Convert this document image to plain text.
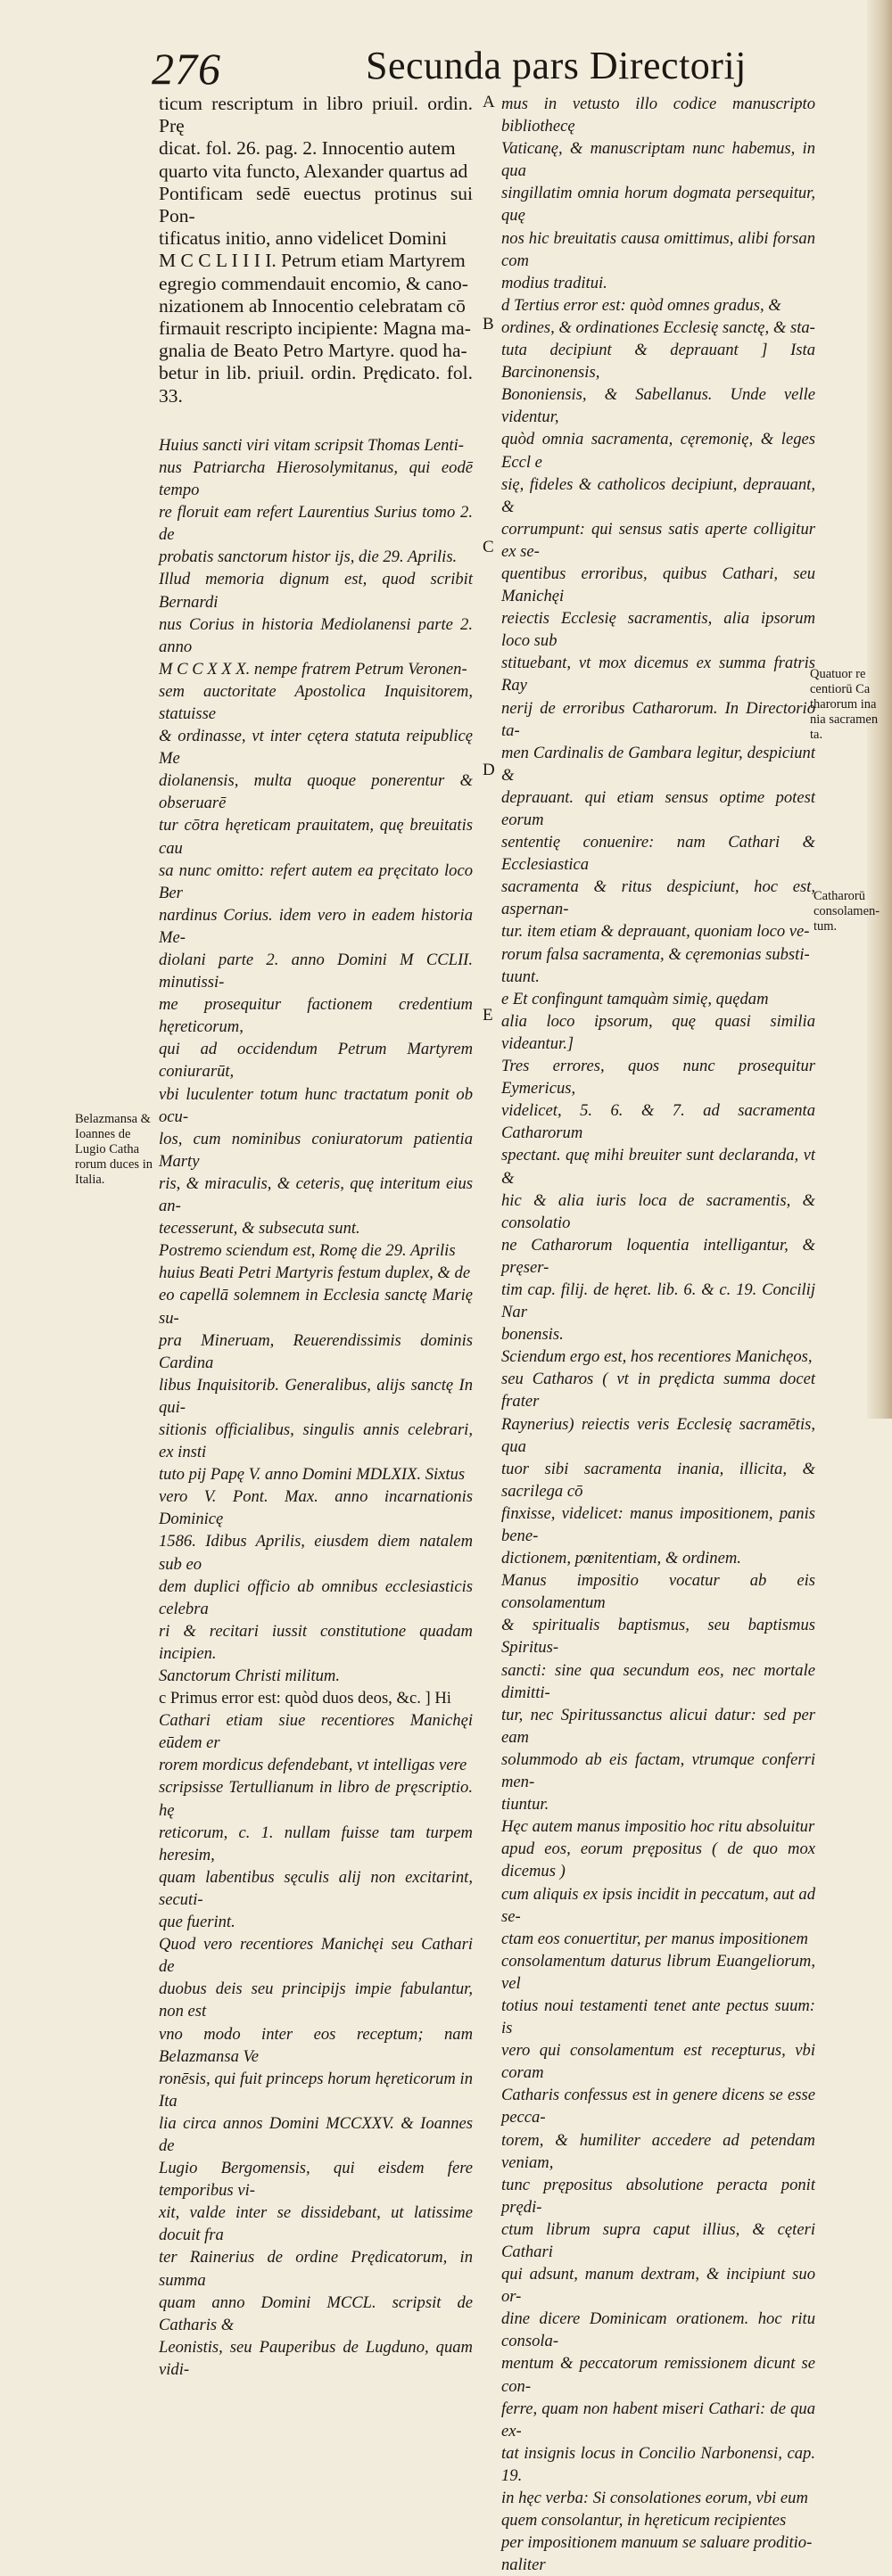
276	Secunda pars Directorij

ticum rescriptum in libro priuil. ordin. Prę

dicat. fol. 26. pag. 2. Innocentio autem

quarto vita functo, Alexander quartus ad

Pontificam sedē euectus protinus sui Pon-

tificatus initio, anno videlicet Domini

M C C L I I I I. Petrum etiam Martyrem

egregio commendauit encomio, & cano-

nizationem ab Innocentio celebratam cō

firmauit rescripto incipiente: Magna ma-

gnalia de Beato Petro Martyre. quod ha-

betur in lib. priuil. ordin. Prędicato. fol. 33.

Huius sancti viri vitam scripsit Thomas Lenti-

nus Patriarcha Hierosolymitanus, qui eodē tempo

re floruit eam refert Laurentius Surius tomo 2. de

probatis sanctorum histor ijs, die 29. Aprilis.

Illud memoria dignum est, quod scribit Bernardi

nus Corius in historia Mediolanensi parte 2. anno

M C C X X X. nempe fratrem Petrum Veronen-

sem auctoritate Apostolica Inquisitorem, statuisse

& ordinasse, vt inter cętera statuta reipublicę Me

diolanensis, multa quoque ponerentur & obseruarē

tur cōtra hęreticam prauitatem, quę breuitatis cau

sa nunc omitto: refert autem ea pręcitato loco Ber

nardinus Corius. idem vero in eadem historia Me-

diolani parte 2. anno Domini M CCLII. minutissi-

me prosequitur factionem credentium hęreticorum,

qui ad occidendum Petrum Martyrem coniurarūt,

vbi luculenter totum hunc tractatum ponit ob ocu-

los, cum nominibus coniuratorum patientia Marty

ris, & miraculis, & ceteris, quę interitum eius an-

tecesserunt, & subsecuta sunt.

Postremo sciendum est, Romę die 29. Aprilis

huius Beati Petri Martyris festum duplex, & de

eo capellā solemnem in Ecclesia sanctę Marię su-

pra Mineruam, Reuerendissimis dominis Cardina

libus Inquisitorib. Generalibus, alijs sanctę In qui-

sitionis officialibus, singulis annis celebrari, ex insti

tuto pij Papę V. anno Domini MDLXIX. Sixtus

vero V. Pont. Max. anno incarnationis Dominicę

1586. Idibus Aprilis, eiusdem diem natalem sub eo

dem duplici officio ab omnibus ecclesiasticis celebra

ri & recitari iussit constitutione quadam incipien.

Sanctorum Christi militum.

c Primus error est: quòd duos deos, &c. ] Hi

Cathari etiam siue recentiores Manichęi eūdem er

rorem mordicus defendebant, vt intelligas vere

scripsisse Tertullianum in libro de pręscriptio. hę

reticorum, c. 1. nullam fuisse tam turpem heresim,

quam labentibus sęculis alij non excitarint, secuti-

que fuerint.

Quod vero recentiores Manichęi seu Cathari de

duobus deis seu principijs impie fabulantur, non est

vno modo inter eos receptum; nam Belazmansa Ve

ronēsis, qui fuit princeps horum hęreticorum in Ita

lia circa annos Domini MCCXXV. & Ioannes de

Lugio Bergomensis, qui eisdem fere temporibus vi-

xit, valde inter se dissidebant, ut latissime docuit fra

ter Rainerius de ordine Prędicatorum, in summa

quam anno Domini MCCL. scripsit de Catharis &

Leonistis, seu Pauperibus de Lugduno, quam vidi-

mus in vetusto illo codice manuscripto bibliothecę

Vaticanę, & manuscriptam nunc habemus, in qua

singillatim omnia horum dogmata persequitur, quę

nos hic breuitatis causa omittimus, alibi forsan com

modius traditui.

d Tertius error est: quòd omnes gradus, &

ordines, & ordinationes Ecclesię sanctę, & sta-

tuta decipiunt & deprauant ] Ista Barcinonensis,

Bononiensis, & Sabellanus. Unde velle videntur,

quòd omnia sacramenta, cęremonię, & leges Eccl e

się, fideles & catholicos decipiunt, deprauant, &

corrumpunt: qui sensus satis aperte colligitur ex se-

quentibus erroribus, quibus Cathari, seu Manichęi

reiectis Ecclesię sacramentis, alia ipsorum loco sub

stituebant, vt mox dicemus ex summa fratris Ray

nerij de erroribus Catharorum. In Directorio ta-

men Cardinalis de Gambara legitur, despiciunt &

deprauant. qui etiam sensus optime potest eorum

sententię conuenire: nam Cathari & Ecclesiastica

sacramenta & ritus despiciunt, hoc est, aspernan-

tur. item etiam & deprauant, quoniam loco ve-

rorum falsa sacramenta, & cęremonias substi-

tuunt.

e Et confingunt tamquàm simię, quędam

alia loco ipsorum, quę quasi similia videantur.]

Tres errores, quos nunc prosequitur Eymericus,

videlicet, 5. 6. & 7. ad sacramenta Catharorum

spectant. quę mihi breuiter sunt declaranda, vt &

hic & alia iuris loca de sacramentis, & consolatio

ne Catharorum loquentia intelligantur, & pręser-

tim cap. filij. de hęret. lib. 6. & c. 19. Concilij Nar

bonensis.

Sciendum ergo est, hos recentiores Manichęos,

seu Catharos ( vt in prędicta summa docet frater

Raynerius) reiectis veris Ecclesię sacramētis, qua

tuor sibi sacramenta inania, illicita, & sacrilega cō

finxisse, videlicet: manus impositionem, panis bene-

dictionem, pœnitentiam, & ordinem.

Manus impositio vocatur ab eis consolamentum

& spiritualis baptismus, seu baptismus Spiritus-

sancti: sine qua secundum eos, nec mortale dimitti-

tur, nec Spiritussanctus alicui datur: sed per eam

solummodo ab eis factam, vtrumque conferri men-

tiuntur.

Hęc autem manus impositio hoc ritu absoluitur

apud eos, eorum prępositus ( de quo mox dicemus )

cum aliquis ex ipsis incidit in peccatum, aut ad se-

ctam eos conuertitur, per manus impositionem

consolamentum daturus librum Euangeliorum, vel

totius noui testamenti tenet ante pectus suum: is

vero qui consolamentum est recepturus, vbi coram

Catharis confessus est in genere dicens se esse pecca-

torem, & humiliter accedere ad petendam veniam,

tunc prępositus absolutione peracta ponit prędi-

ctum librum supra caput illius, & cęteri Cathari

qui adsunt, manum dextram, & incipiunt suo or-

dine dicere Dominicam orationem. hoc ritu consola-

mentum & peccatorum remissionem dicunt se con-

ferre, quam non habent miseri Cathari: de qua ex-

tat insignis locus in Concilio Narbonensi, cap. 19.

in hęc verba: Si consolationes eorum, vbi eum

quem consolantur, in hęreticum recipientes

per impositionem manuum se saluare proditio-

naliter

A
B
C
D
E
Belazmansa & Ioannes de Lugio Catha rorum duces in Italia.
Quatuor re centiorū Ca tharorum ina nia sacramen ta.
Catharorū consolamen- tum.
